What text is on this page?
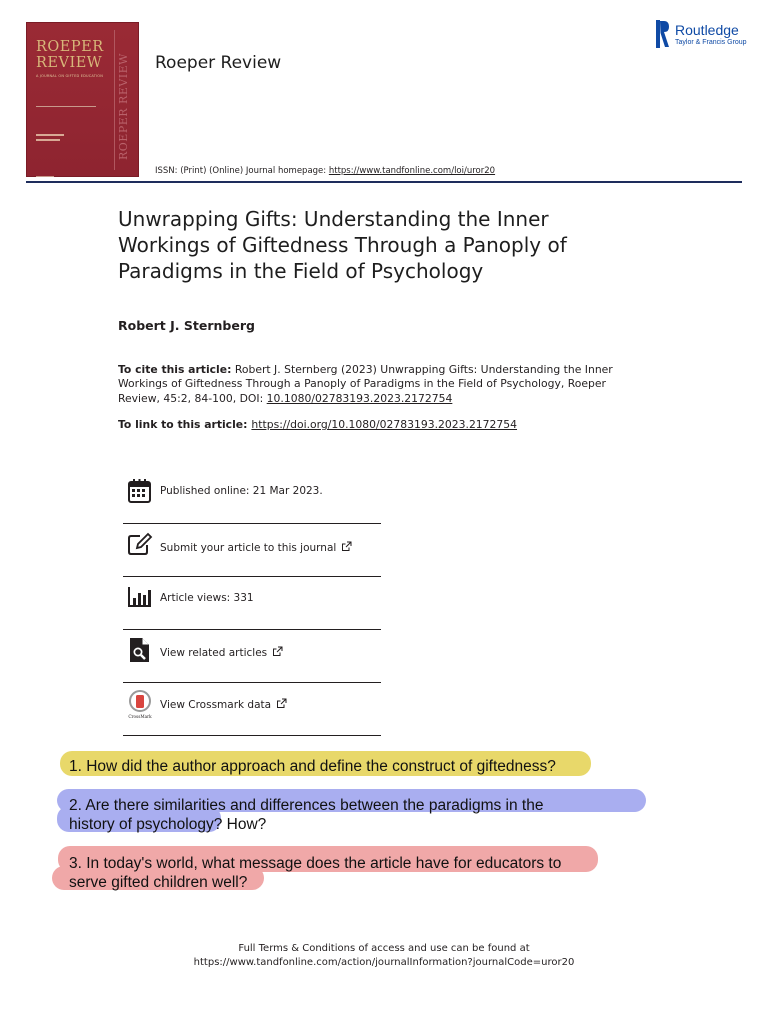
ROEPER
REVIEW
A JOURNAL ON GIFTED EDUCATION ROEPER REVIEW Roeper Review
ISSN: (Print) (Online) Journal homepage: https://www.tandfonline.com/loi/uror20
Routledge
Taylor & Francis Group
Unwrapping Gifts: Understanding the Inner
Workings of Giftedness Through a Panoply of
Paradigms in the Field of Psychology
Robert J. Sternberg
To cite this article: Robert J. Sternberg (2023) Unwrapping Gifts: Understanding the Inner Workings of Giftedness Through a Panoply of Paradigms in the Field of Psychology, Roeper Review, 45:2, 84-100, DOI: 10.1080/02783193.2023.2172754
To link to this article: https://doi.org/10.1080/02783193.2023.2172754
Published online: 21 Mar 2023.
Submit your article to this journal
Article views: 331
View related articles
CrossMark
View Crossmark data
1. How did the author approach and define the construct of giftedness?
2. Are there similarities and differences between the paradigms in the
history of psychology? How?
3. In today's world, what message does the article have for educators to
serve gifted children well?
Full Terms & Conditions of access and use can be found at
https://www.tandfonline.com/action/journalInformation?journalCode=uror20
